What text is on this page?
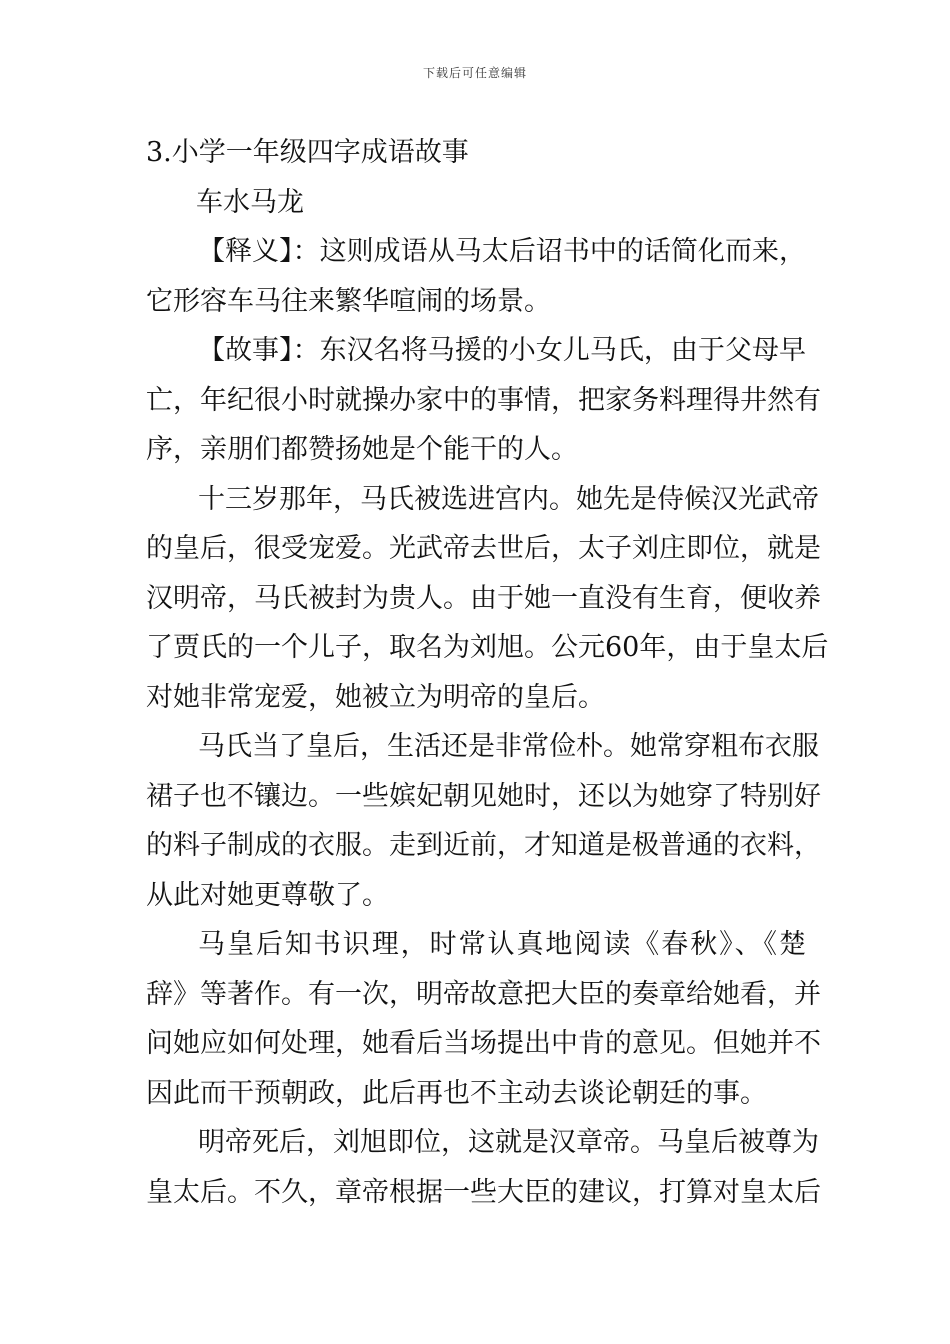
下载后可任意编辑
3.小学一年级四字成语故事
车水马龙
【释义】：这则成语从马太后诏书中的话简化而来，
它形容车马往来繁华喧闹的场景。
【故事】：东汉名将马援的小女儿马氏，由于父母早
亡，年纪很小时就操办家中的事情，把家务料理得井然有
序，亲朋们都赞扬她是个能干的人。
十三岁那年，马氏被选进宫内。她先是侍候汉光武帝
的皇后，很受宠爱。光武帝去世后，太子刘庄即位，就是
汉明帝，马氏被封为贵人。由于她一直没有生育，便收养
了贾氏的一个儿子，取名为刘旭。公元60年，由于皇太后
对她非常宠爱，她被立为明帝的皇后。
马氏当了皇后，生活还是非常俭朴。她常穿粗布衣服
裙子也不镶边。一些嫔妃朝见她时，还以为她穿了特别好
的料子制成的衣服。走到近前，才知道是极普通的衣料，
从此对她更尊敬了。
马皇后知书识理，时常认真地阅读《春秋》、《楚
辞》等著作。有一次，明帝故意把大臣的奏章给她看，并
问她应如何处理，她看后当场提出中肯的意见。但她并不
因此而干预朝政，此后再也不主动去谈论朝廷的事。
明帝死后，刘旭即位，这就是汉章帝。马皇后被尊为
皇太后。不久，章帝根据一些大臣的建议，打算对皇太后
